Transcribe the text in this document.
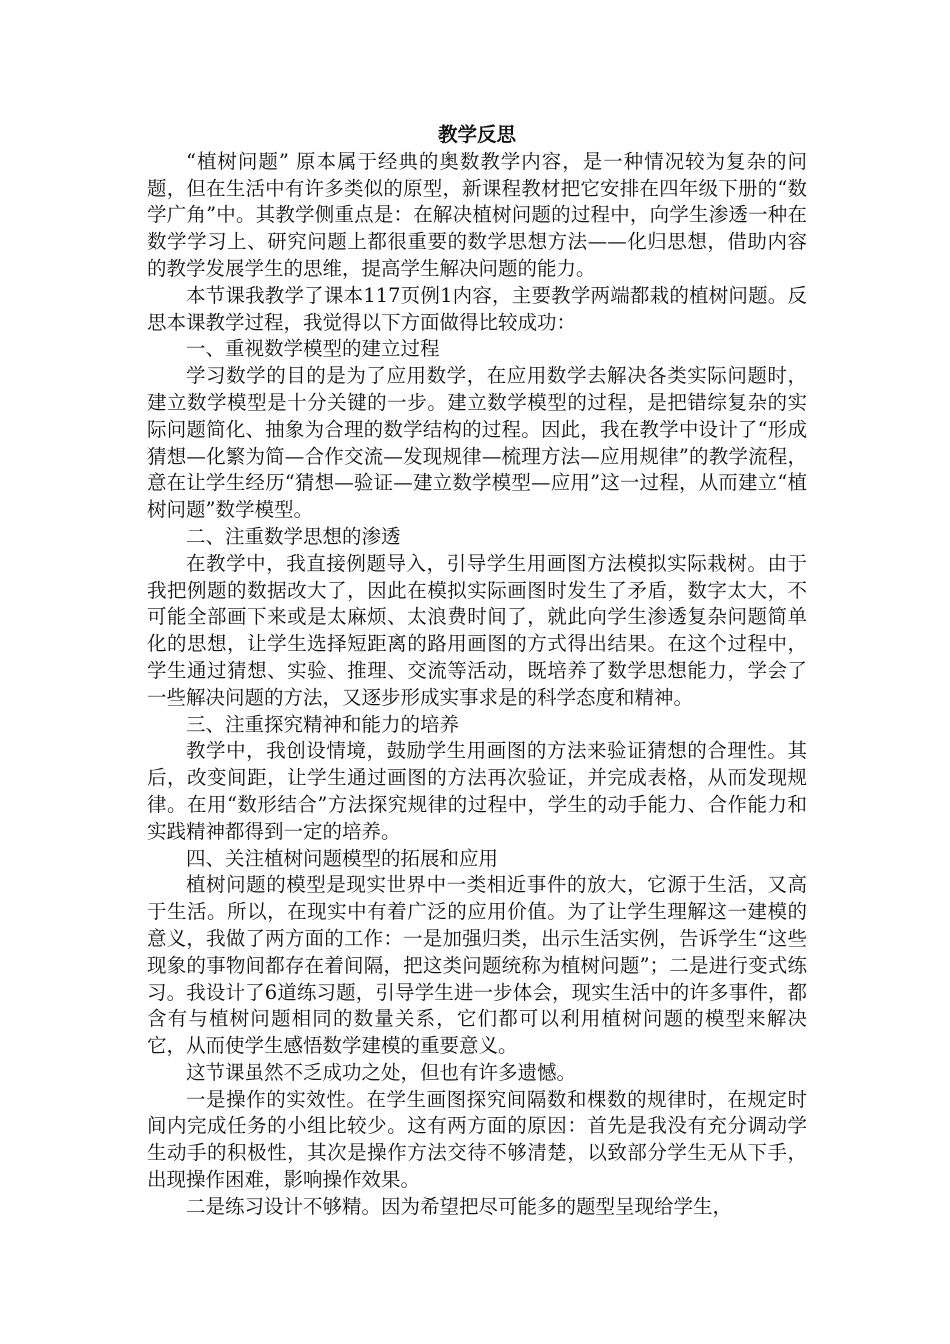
教学反思

“植树问题” 原本属于经典的奥数教学内容，是一种情况较为复杂的问题，但在生活中有许多类似的原型，新课程教材把它安排在四年级下册的“数学广角”中。其教学侧重点是：在解决植树问题的过程中，向学生渗透一种在数学学习上、研究问题上都很重要的数学思想方法——化归思想，借助内容的教学发展学生的思维，提高学生解决问题的能力。

本节课我教学了课本117页例1内容，主要教学两端都栽的植树问题。反思本课教学过程，我觉得以下方面做得比较成功：

一、重视数学模型的建立过程

学习数学的目的是为了应用数学，在应用数学去解决各类实际问题时，建立数学模型是十分关键的一步。建立数学模型的过程，是把错综复杂的实际问题简化、抽象为合理的数学结构的过程。因此，我在教学中设计了“形成猜想—化繁为简—合作交流—发现规律—梳理方法—应用规律”的教学流程，意在让学生经历“猜想—验证—建立数学模型—应用”这一过程，从而建立“植树问题”数学模型。

二、注重数学思想的渗透

在教学中，我直接例题导入，引导学生用画图方法模拟实际栽树。由于我把例题的数据改大了，因此在模拟实际画图时发生了矛盾，数字太大，不可能全部画下来或是太麻烦、太浪费时间了，就此向学生渗透复杂问题简单化的思想，让学生选择短距离的路用画图的方式得出结果。在这个过程中，学生通过猜想、实验、推理、交流等活动，既培养了数学思想能力，学会了一些解决问题的方法，又逐步形成实事求是的科学态度和精神。

三、注重探究精神和能力的培养

教学中，我创设情境，鼓励学生用画图的方法来验证猜想的合理性。其后，改变间距，让学生通过画图的方法再次验证，并完成表格，从而发现规律。在用“数形结合”方法探究规律的过程中，学生的动手能力、合作能力和实践精神都得到一定的培养。

四、关注植树问题模型的拓展和应用

植树问题的模型是现实世界中一类相近事件的放大，它源于生活，又高于生活。所以，在现实中有着广泛的应用价值。为了让学生理解这一建模的意义，我做了两方面的工作：一是加强归类，出示生活实例，告诉学生“这些现象的事物间都存在着间隔，把这类问题统称为植树问题”；二是进行变式练习。我设计了6道练习题，引导学生进一步体会，现实生活中的许多事件，都含有与植树问题相同的数量关系，它们都可以利用植树问题的模型来解决它，从而使学生感悟数学建模的重要意义。

这节课虽然不乏成功之处，但也有许多遗憾。

一是操作的实效性。在学生画图探究间隔数和棵数的规律时，在规定时间内完成任务的小组比较少。这有两方面的原因：首先是我没有充分调动学生动手的积极性，其次是操作方法交待不够清楚，以致部分学生无从下手，出现操作困难，影响操作效果。

二是练习设计不够精。因为希望把尽可能多的题型呈现给学生，
